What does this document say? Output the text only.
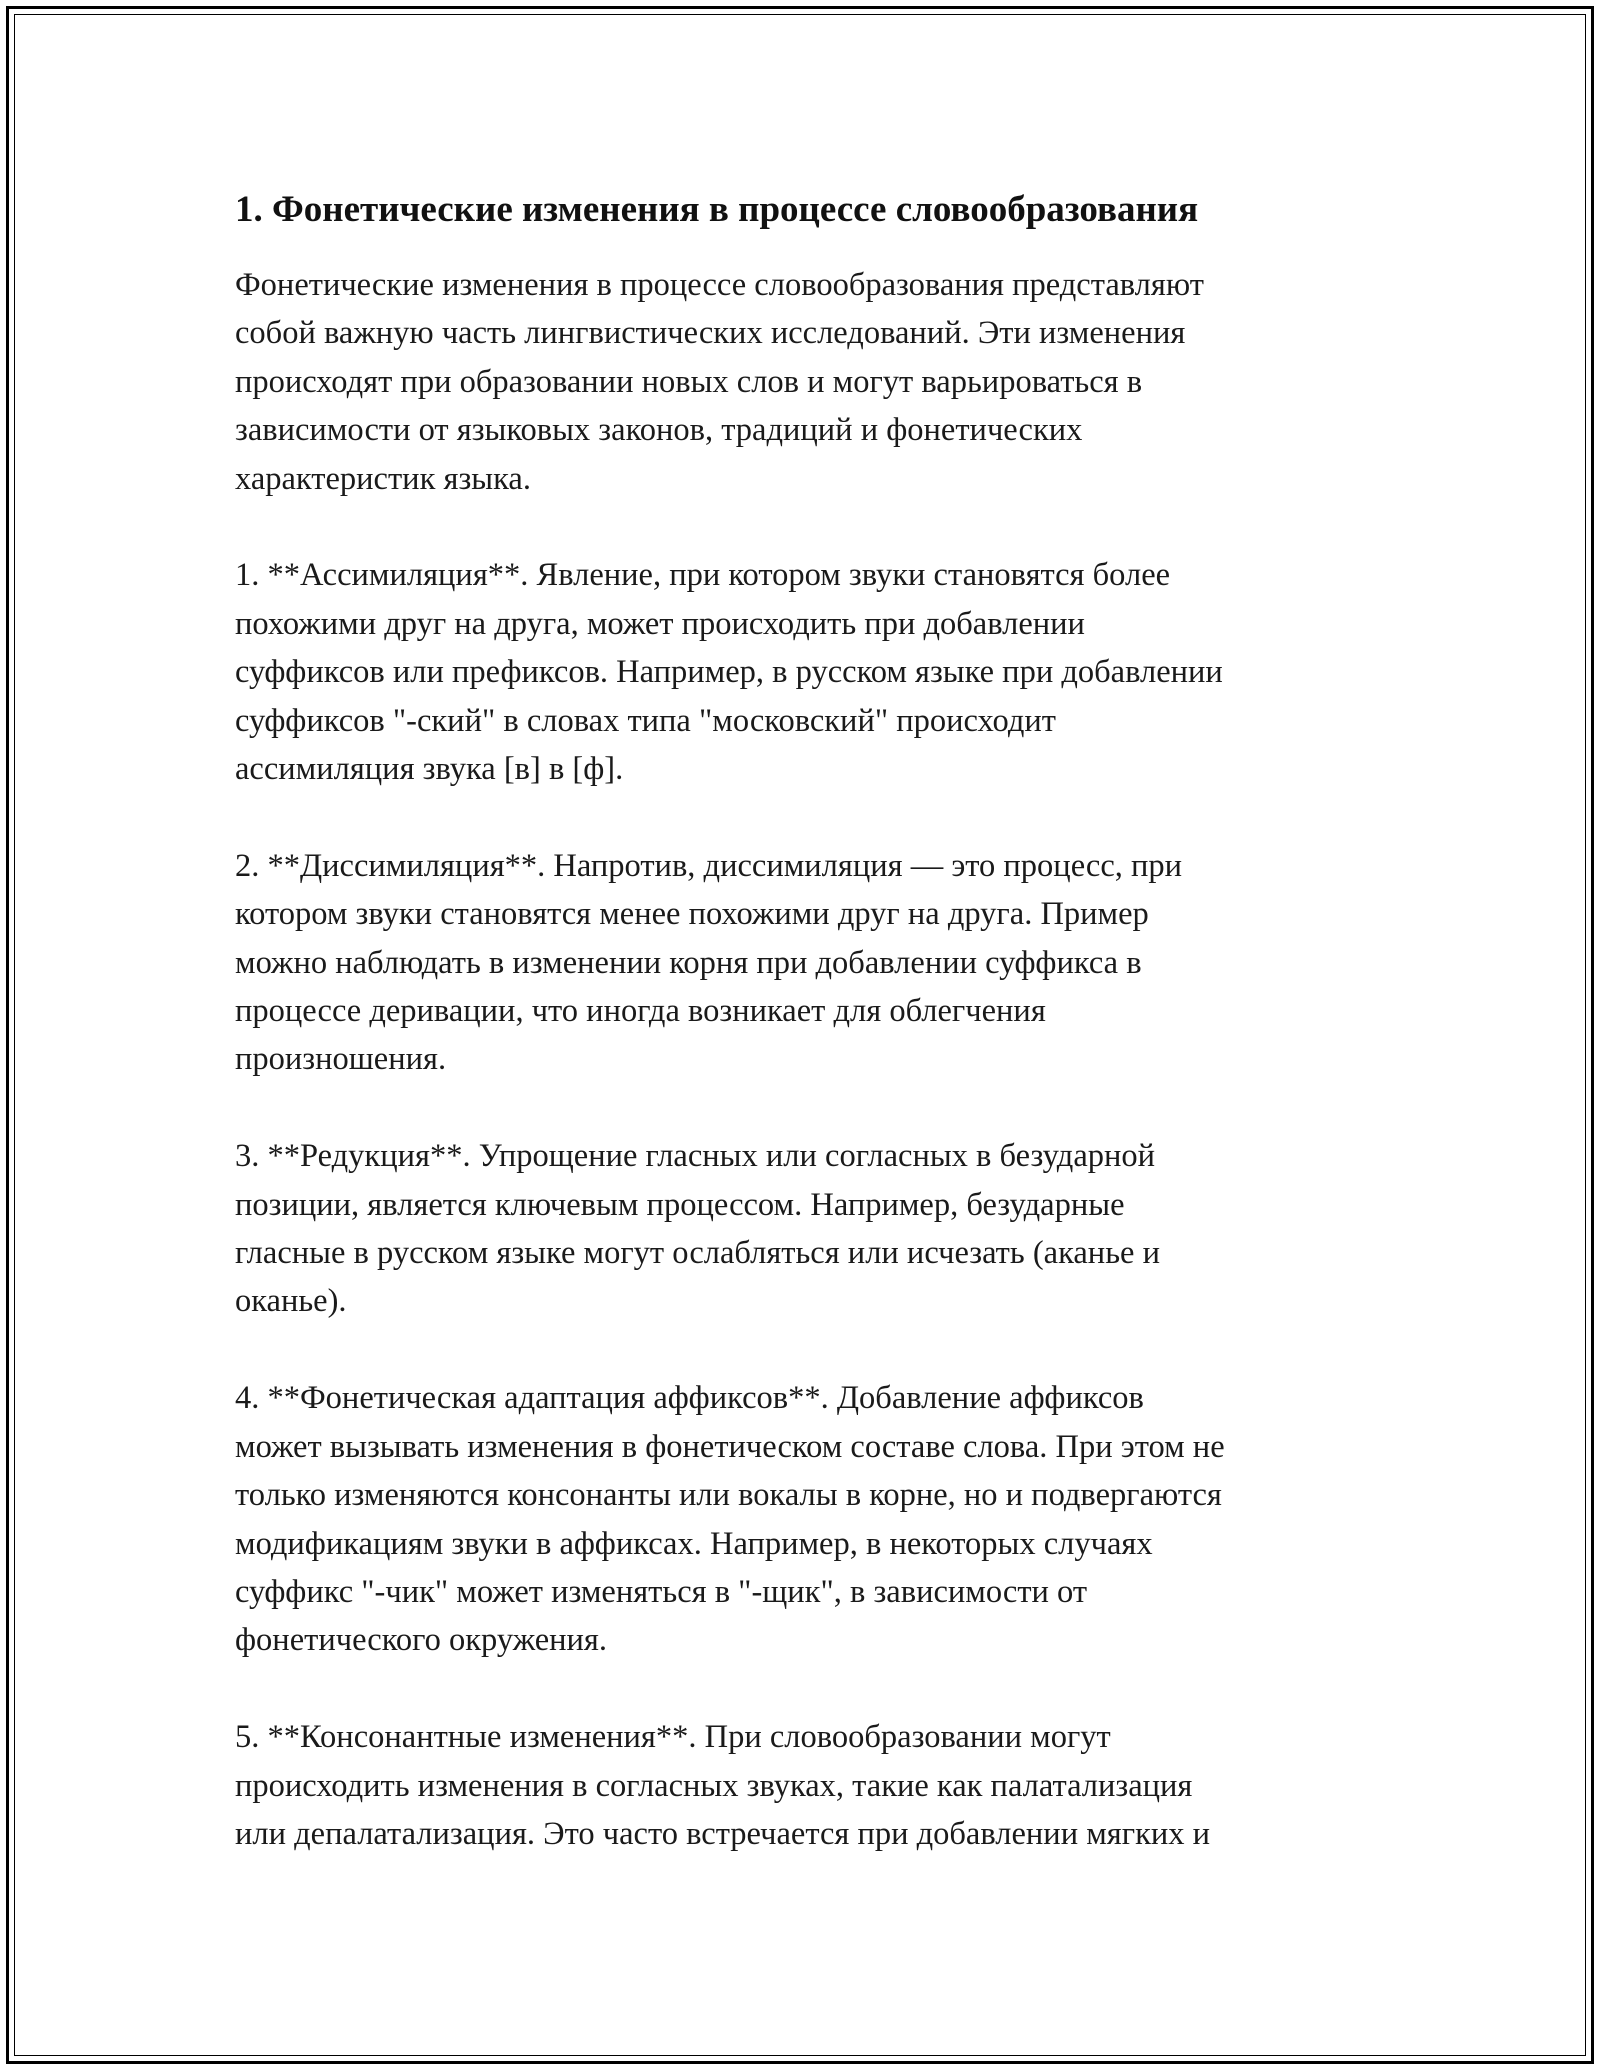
1. Фонетические изменения в процессе словообразования

Фонетические изменения в процессе словообразования представляют
собой важную часть лингвистических исследований. Эти изменения
происходят при образовании новых слов и могут варьироваться в
зависимости от языковых законов, традиций и фонетических
характеристик языка.

1. **Ассимиляция**. Явление, при котором звуки становятся более
похожими друг на друга, может происходить при добавлении
суффиксов или префиксов. Например, в русском языке при добавлении
суффиксов "-ский" в словах типа "московский" происходит
ассимиляция звука [в] в [ф].

2. **Диссимиляция**. Напротив, диссимиляция — это процесс, при
котором звуки становятся менее похожими друг на друга. Пример
можно наблюдать в изменении корня при добавлении суффикса в
процессе деривации, что иногда возникает для облегчения
произношения.

3. **Редукция**. Упрощение гласных или согласных в безударной
позиции, является ключевым процессом. Например, безударные
гласные в русском языке могут ослабляться или исчезать (аканье и
оканье).

4. **Фонетическая адаптация аффиксов**. Добавление аффиксов
может вызывать изменения в фонетическом составе слова. При этом не
только изменяются консонанты или вокалы в корне, но и подвергаются
модификациям звуки в аффиксах. Например, в некоторых случаях
суффикс "-чик" может изменяться в "-щик", в зависимости от
фонетического окружения.

5. **Консонантные изменения**. При словообразовании могут
происходить изменения в согласных звуках, такие как палатализация
или депалатализация. Это часто встречается при добавлении мягких и
